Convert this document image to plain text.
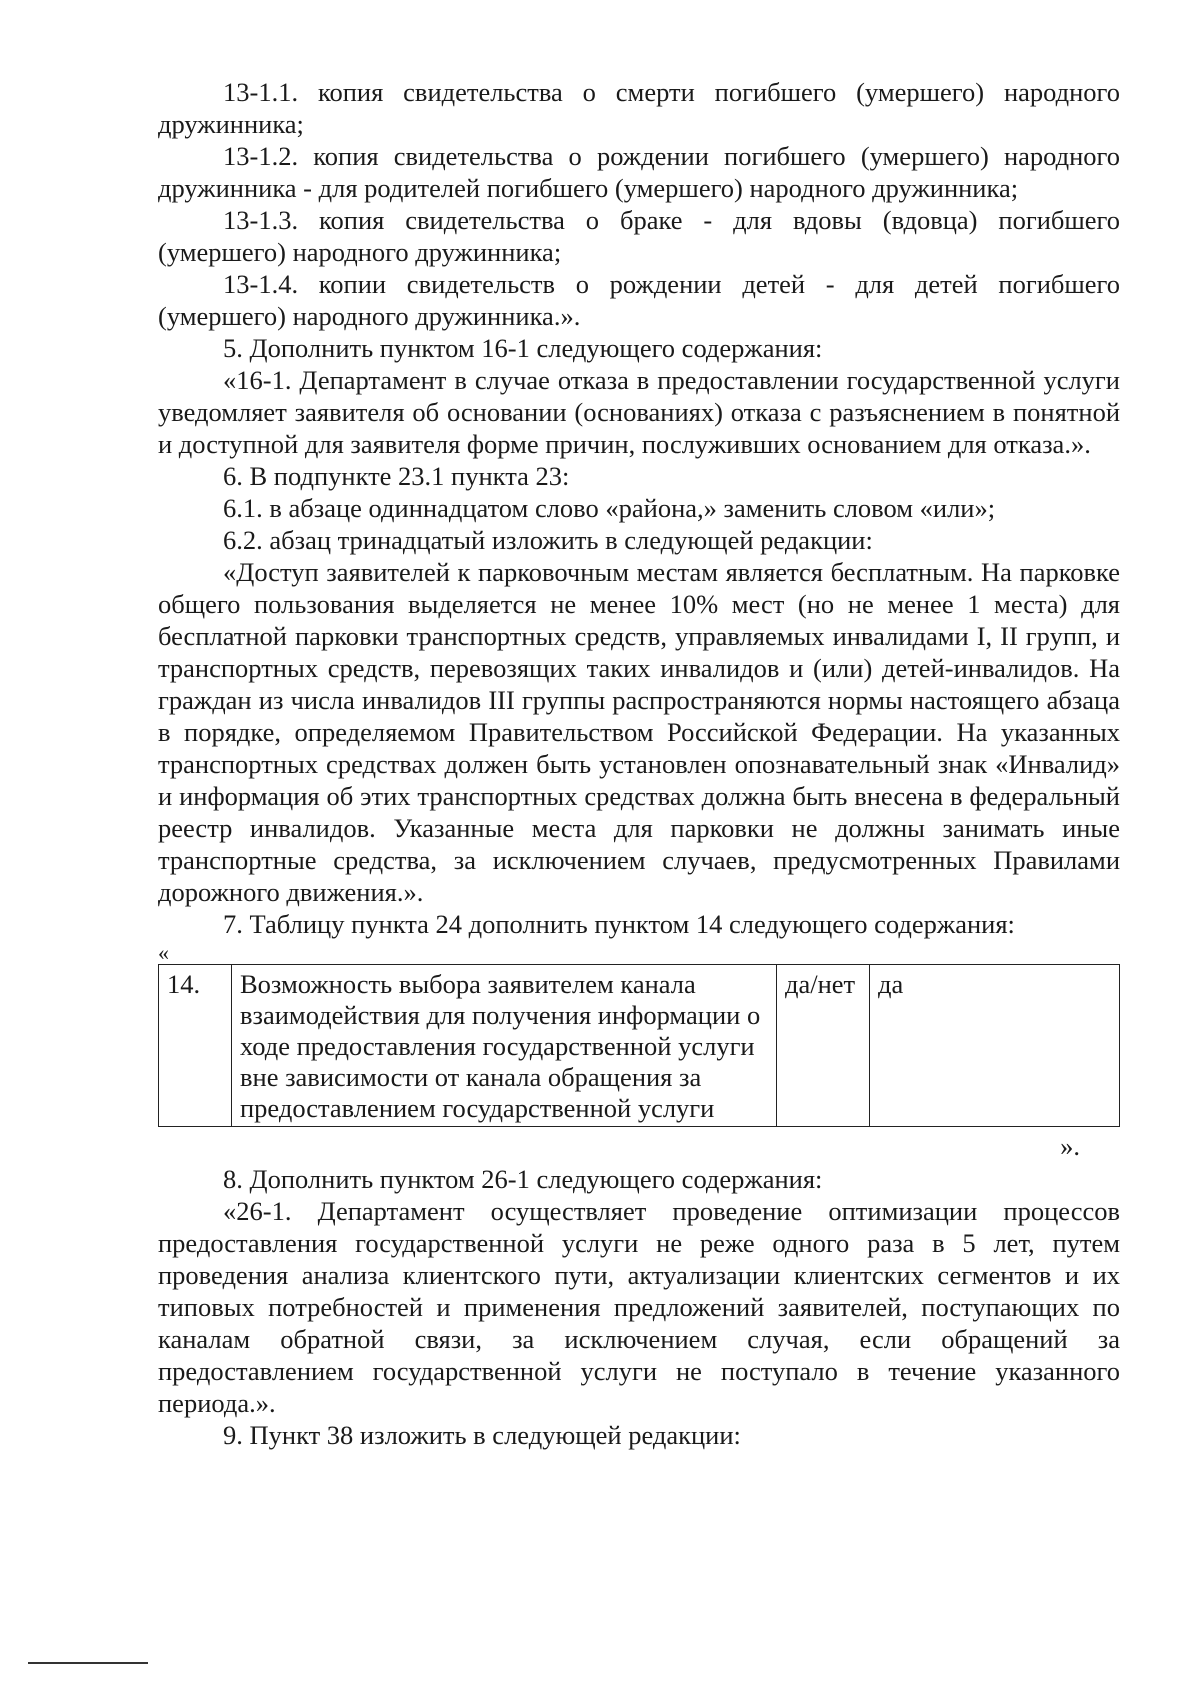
13-1.1. копия свидетельства о смерти погибшего (умершего) народного дружинника;

13-1.2. копия свидетельства о рождении погибшего (умершего) народного дружинника - для родителей погибшего (умершего) народного дружинника;

13-1.3. копия свидетельства о браке - для вдовы (вдовца) погибшего (умершего) народного дружинника;

13-1.4. копии свидетельств о рождении детей - для детей погибшего (умершего) народного дружинника.».

5. Дополнить пунктом 16-1 следующего содержания:

«16-1. Департамент в случае отказа в предоставлении государственной услуги уведомляет заявителя об основании (основаниях) отказа с разъяснением в понятной и доступной для заявителя форме причин, послуживших основанием для отказа.».

6. В подпункте 23.1 пункта 23:

6.1. в абзаце одиннадцатом слово «района,» заменить словом «или»;

6.2. абзац тринадцатый изложить в следующей редакции:

«Доступ заявителей к парковочным местам является бесплатным. На парковке общего пользования выделяется не менее 10% мест (но не менее 1 места) для бесплатной парковки транспортных средств, управляемых инвалидами I, II групп, и транспортных средств, перевозящих таких инвалидов и (или) детей-инвалидов. На граждан из числа инвалидов III группы распространяются нормы настоящего абзаца в порядке, определяемом Правительством Российской Федерации. На указанных транспортных средствах должен быть установлен опознавательный знак «Инвалид» и информация об этих транспортных средствах должна быть внесена в федеральный реестр инвалидов. Указанные места для парковки не должны занимать иные транспортные средства, за исключением случаев, предусмотренных Правилами дорожного движения.».

7. Таблицу пункта 24 дополнить пунктом 14 следующего содержания:

«
14.	Возможность выбора заявителем канала взаимодействия для получения информации о ходе предоставления государственной услуги вне зависимости от канала обращения за предоставлением государственной услуги	да/нет	да
».

8. Дополнить пунктом 26-1 следующего содержания:

«26-1. Департамент осуществляет проведение оптимизации процессов предоставления государственной услуги не реже одного раза в 5 лет, путем проведения анализа клиентского пути, актуализации клиентских сегментов и их типовых потребностей и применения предложений заявителей, поступающих по каналам обратной связи, за исключением случая, если обращений за предоставлением государственной услуги не поступало в течение указанного периода.».

9. Пункт 38 изложить в следующей редакции:
